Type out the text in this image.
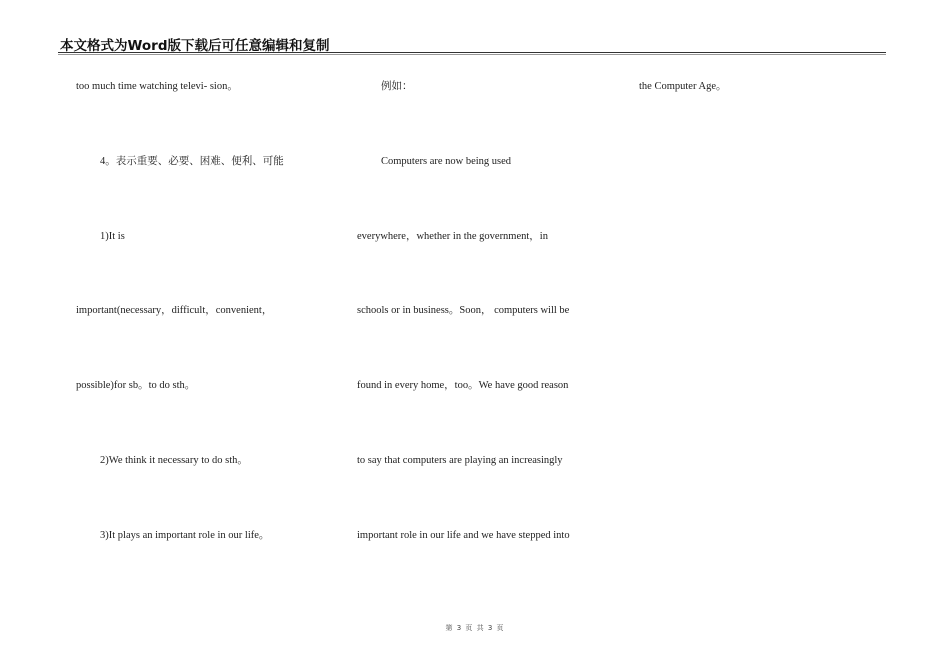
本文格式为Word版下载后可任意编辑和复制
too much time watching televi- sion。
4。表示重要、必要、困难、便利、可能
1)It is
important(necessary，difficult，convenient，
possible)for sb。to do sth。
2)We think it necessary to do sth。
3)It plays an important role in our life。
例如：
Computers are now being used
everywhere，whether in the government，in
schools or in business。Soon， computers will be
found in every home，too。We have good reason
to say that computers are playing an increasingly
important role in our life and we have stepped into
the Computer Age。
第 3 页 共 3 页
